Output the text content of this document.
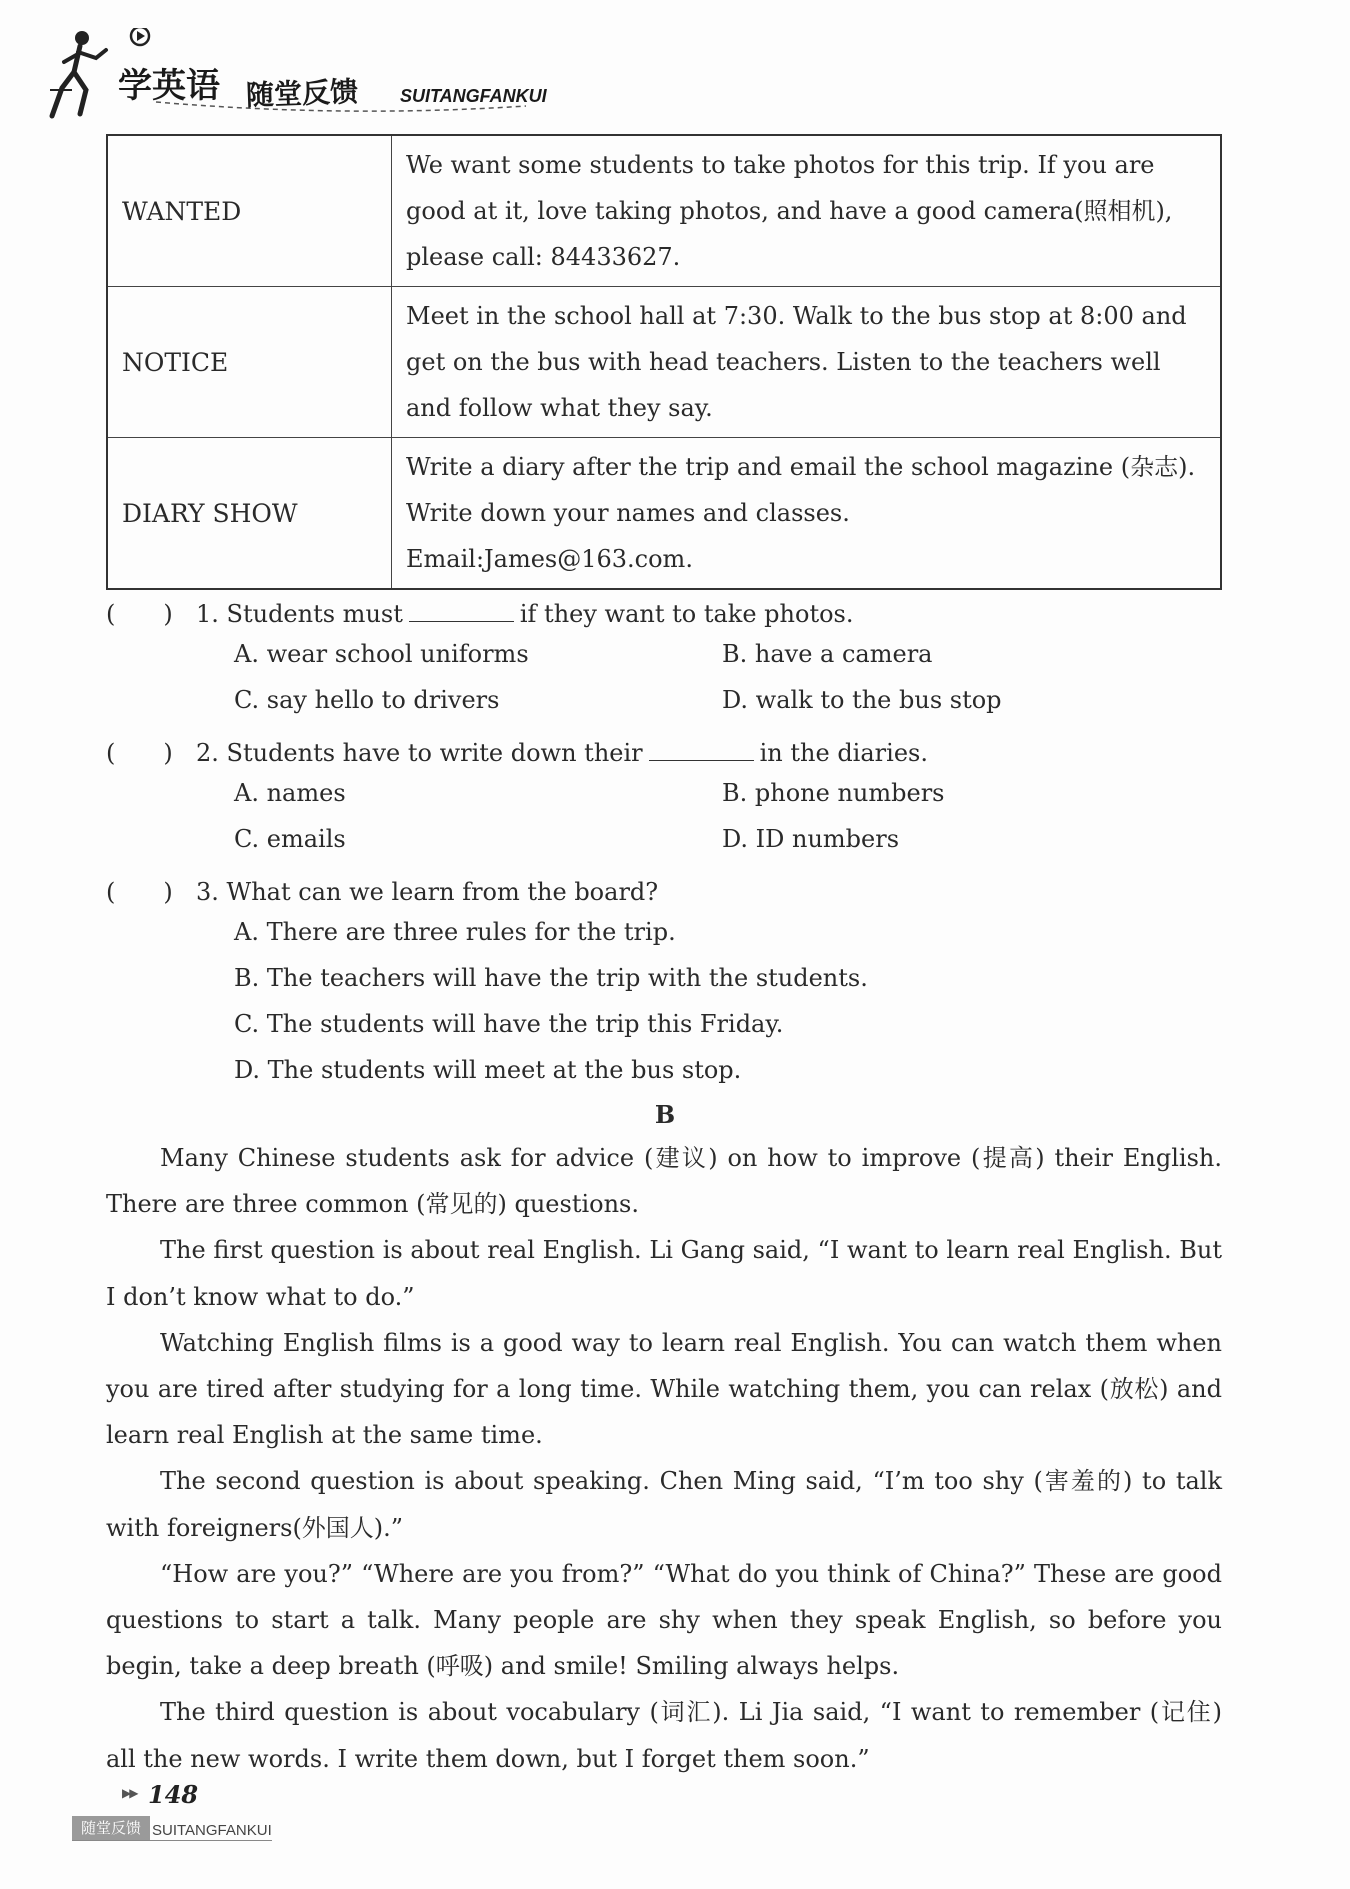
学英语 随堂反馈 SUITANGFANKUI
WANTED	We want some students to take photos for this trip. If you are good at it, love taking photos, and have a good camera(照相机), please call: 84433627.
NOTICE	Meet in the school hall at 7:30. Walk to the bus stop at 8:00 and get on the bus with head teachers. Listen to the teachers well and follow what they say.
DIARY SHOW	Write a diary after the trip and email the school magazine (杂志).
Write down your names and classes.
Email:James@163.com.
(　　) 1. Students must	if they want to take photos.
A. wear school uniforms	B. have a camera
C. say hello to drivers	D. walk to the bus stop
(　　) 2. Students have to write down their	in the diaries.
A. names	B. phone numbers
C. emails	D. ID numbers
(　　) 3. What can we learn from the board?
A. There are three rules for the trip.
B. The teachers will have the trip with the students.
C. The students will have the trip this Friday.
D. The students will meet at the bus stop.
B

Many Chinese students ask for advice (建议) on how to improve (提高) their English. There are three common (常见的) questions.

The first question is about real English. Li Gang said, “I want to learn real English. But I don’t know what to do.”

Watching English films is a good way to learn real English. You can watch them when you are tired after studying for a long time. While watching them, you can relax (放松) and learn real English at the same time.

The second question is about speaking. Chen Ming said, “I’m too shy (害羞的) to talk with foreigners(外国人).”

“How are you?” “Where are you from?” “What do you think of China?” These are good questions to start a talk. Many people are shy when they speak English, so before you begin, take a deep breath (呼吸) and smile! Smiling always helps.

The third question is about vocabulary (词汇). Li Jia said, “I want to remember (记住) all the new words. I write them down, but I forget them soon.”

▶▶ 148
随堂反馈 SUITANGFANKUI
